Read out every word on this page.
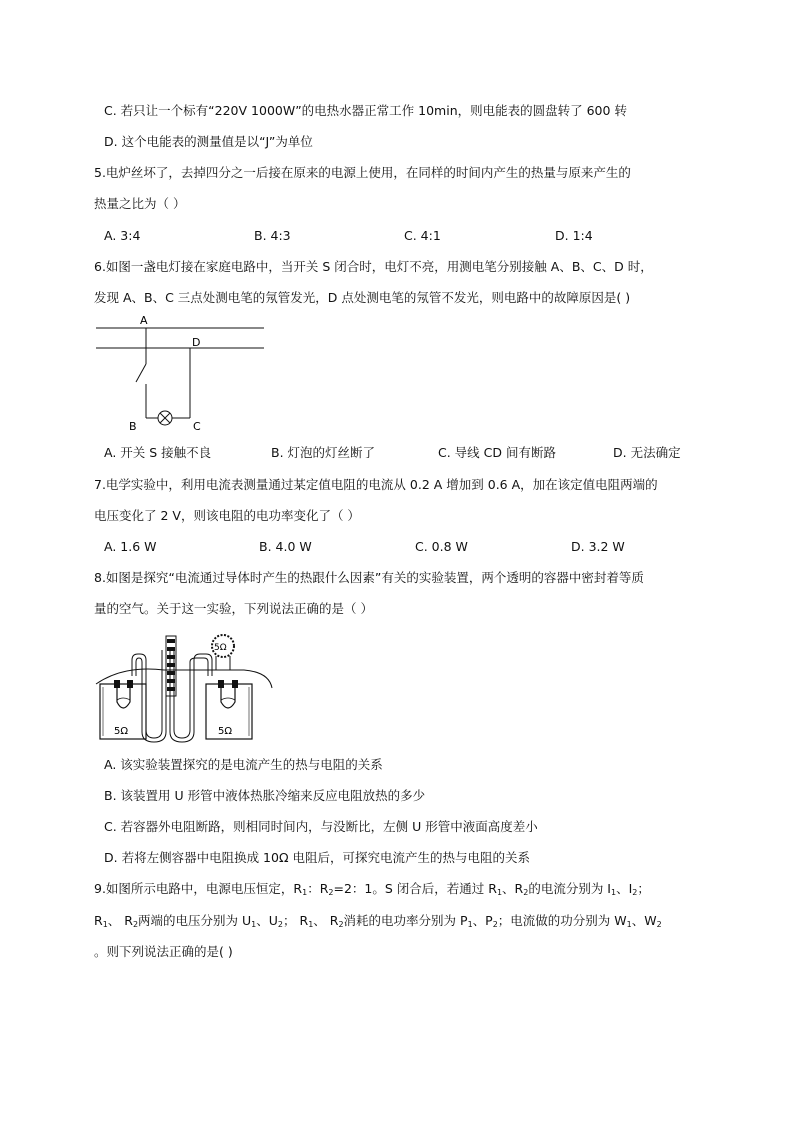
C. 若只让一个标有“220V 1000W”的电热水器正常工作 10min，则电能表的圆盘转了 600 转
D. 这个电能表的测量值是以“J”为单位
5.电炉丝坏了，去掉四分之一后接在原来的电源上使用，在同样的时间内产生的热量与原来产生的
热量之比为（ ）
A. 3:4	B. 4:3	C. 4:1	D. 1:4
6.如图一盏电灯接在家庭电路中，当开关 S 闭合时，电灯不亮，用测电笔分别接触 A、B、C、D 时，
发现 A、B、C 三点处测电笔的氖管发光，D 点处测电笔的氖管不发光，则电路中的故障原因是( )
A
D
B	C
A. 开关 S 接触不良	B. 灯泡的灯丝断了	C. 导线 CD 间有断路	D. 无法确定
7.电学实验中，利用电流表测量通过某定值电阻的电流从 0.2 A 增加到 0.6 A，加在该定值电阻两端的
电压变化了 2 V，则该电阻的电功率变化了（ ）
A. 1.6 W	B. 4.0 W	C. 0.8 W	D. 3.2 W
8.如图是探究“电流通过导体时产生的热跟什么因素”有关的实验装置，两个透明的容器中密封着等质
量的空气。关于这一实验，下列说法正确的是（ ）
5Ω	5Ω
5Ω
A. 该实验装置探究的是电流产生的热与电阻的关系
B. 该装置用 U 形管中液体热胀冷缩来反应电阻放热的多少
C. 若容器外电阻断路，则相同时间内，与没断比，左侧 U 形管中液面高度差小
D. 若将左侧容器中电阻换成 10Ω 电阻后，可探究电流产生的热与电阻的关系
9.如图所示电路中，电源电压恒定，$R_1$：$R_2=2$：1。S 闭合后，若通过 $R_1$、$R_2$的电流分别为 $I_1$、$I_2$；
$R_1$、 $R_2$两端的电压分别为 $U_1$、$U_2$； $R_1$、 $R_2$消耗的电功率分别为 $P_1$、$P_2$；电流做的功分别为 $W_1$、$W_2$
。则下列说法正确的是( )
